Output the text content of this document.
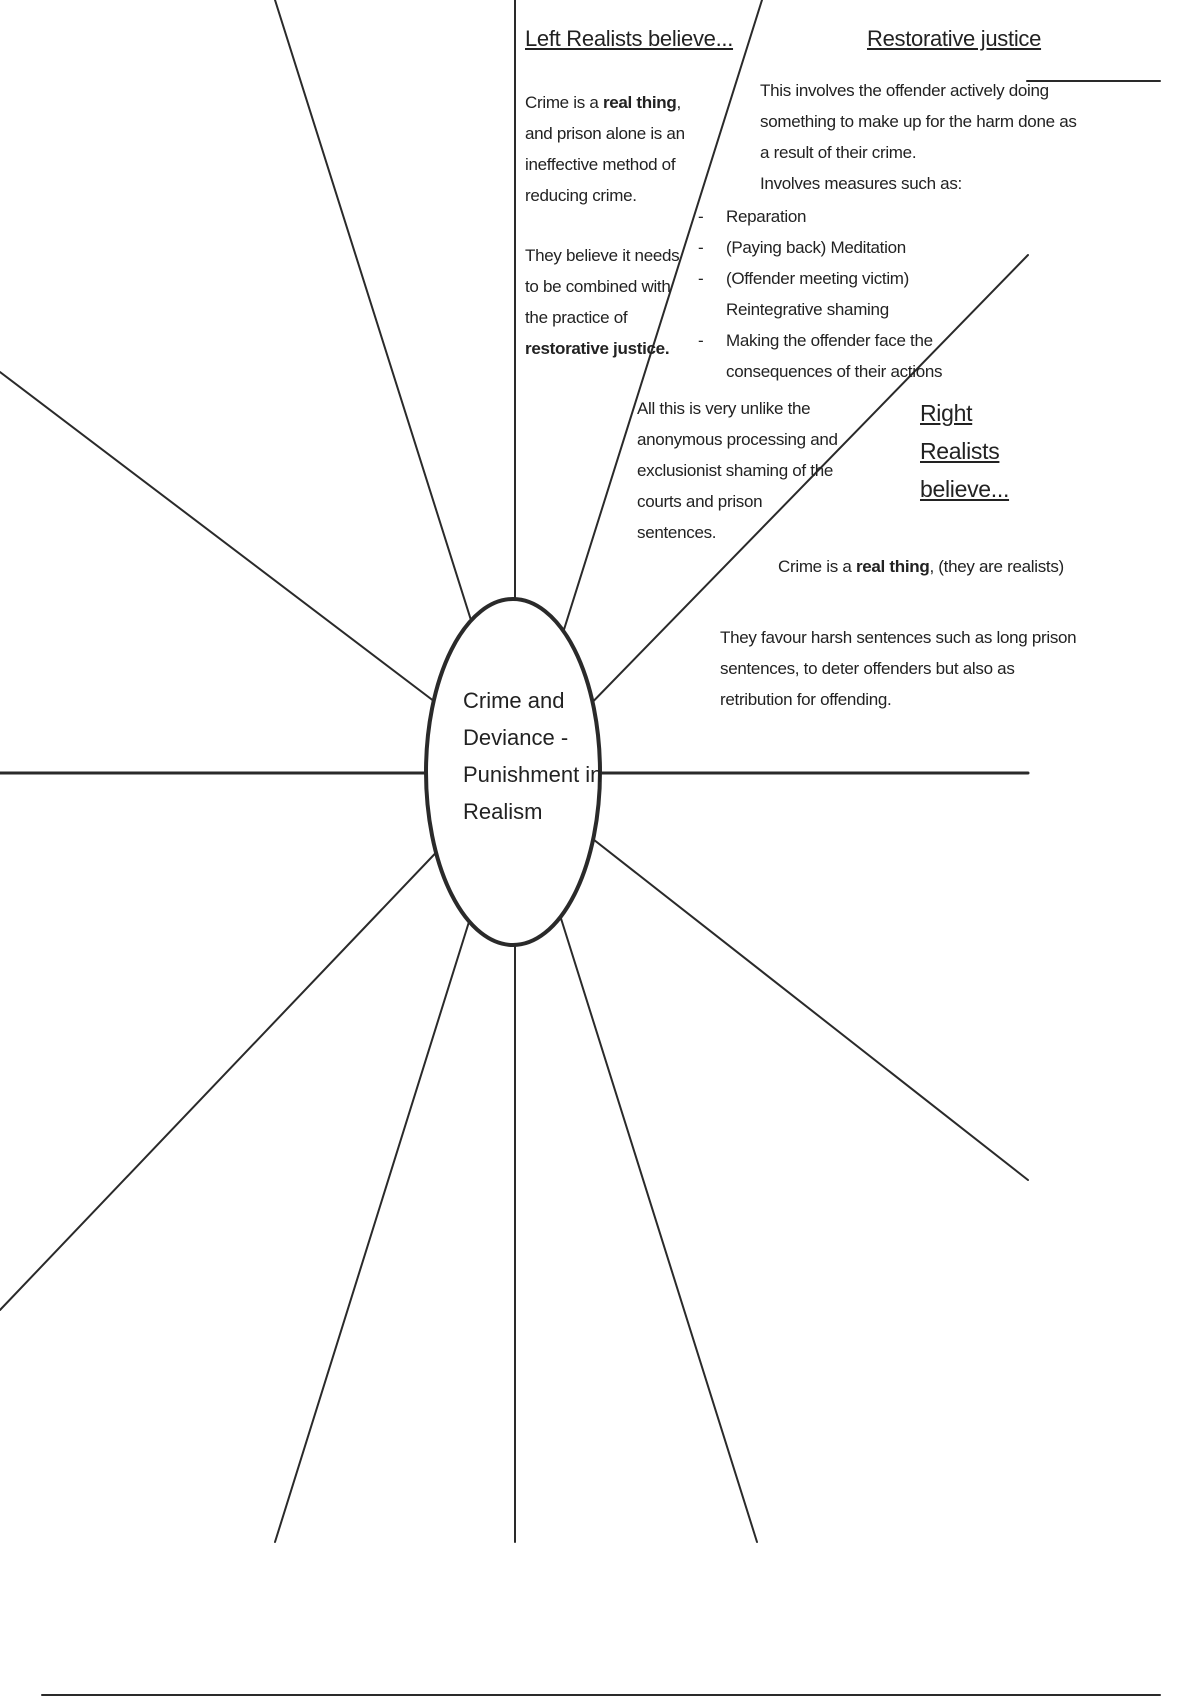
Crime and
Deviance -
Punishment in
Realism
Left Realists believe...
Crime is a real thing,
and prison alone is an
ineffective method of
reducing crime.
They believe it needs
to be combined with
the practice of
restorative justice.
Restorative justice
This involves the offender actively doing
something to make up for the harm done as
a result of their crime.
Involves measures such as:
- Reparation
- (Paying back) Meditation
- (Offender meeting victim)
Reintegrative shaming
- Making the offender face the
consequences of their actions
All this is very unlike the
anonymous processing and
exclusionist shaming of the
courts and prison
sentences.
Right
Realists
believe...
Crime is a real thing, (they are realists)
They favour harsh sentences such as long prison
sentences, to deter offenders but also as
retribution for offending.
